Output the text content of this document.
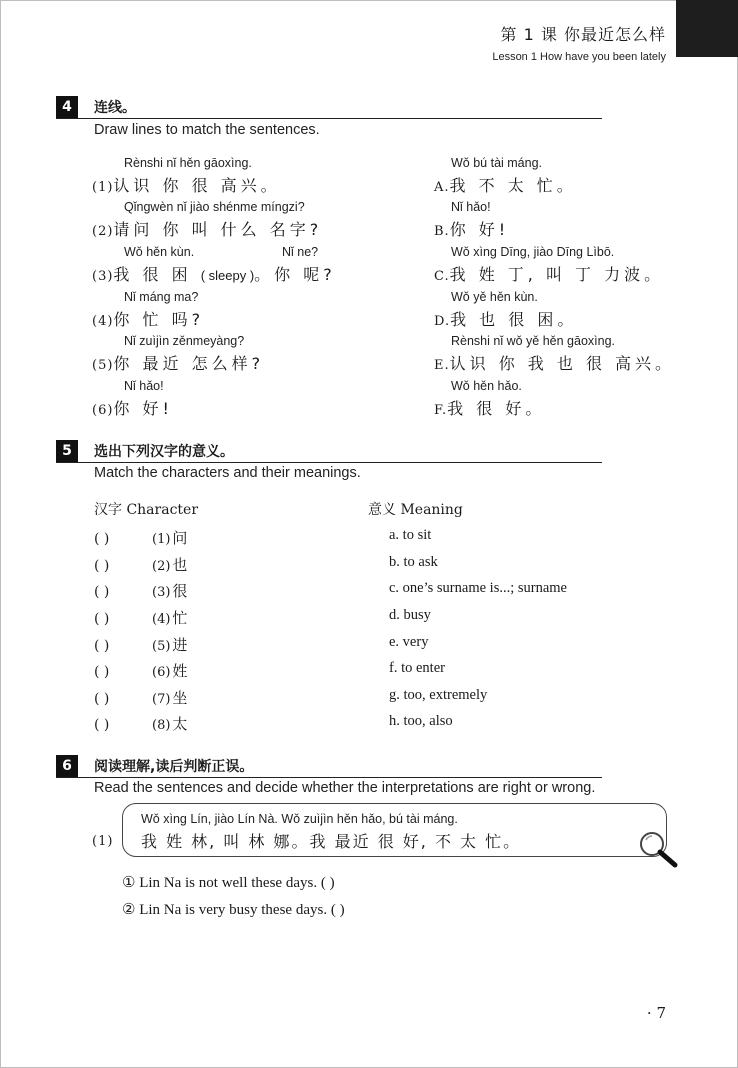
第 1 课 你最近怎么样
Lesson 1 How have you been lately
4	连线。
Draw lines to match the sentences.
Rènshi nǐ hěn gāoxìng.
(1)认识 你 很 高兴。
Qǐngwèn nǐ jiào shénme míngzi?
(2)请问 你 叫 什么 名字?
Wǒ hěn kùn.	Nǐ ne?
(3)我 很 困 ( sleepy )。你 呢?
Nǐ máng ma?
(4)你 忙 吗?
Nǐ zuìjìn zěnmeyàng?
(5)你 最近 怎么样?
Nǐ hǎo!
(6)你 好!
Wǒ bú tài máng.
A.我 不 太 忙。
Nǐ hǎo!
B.你 好!
Wǒ xìng Dīng, jiào Dīng Lìbō.
C.我 姓 丁, 叫 丁 力波。
Wǒ yě hěn kùn.
D.我 也 很 困。
Rènshi nǐ wǒ yě hěn gāoxìng.
E.认识 你 我 也 很 高兴。
Wǒ hěn hǎo.
F.我 很 好。
5	选出下列汉字的意义。
Match the characters and their meanings.
汉字 Character	意义 Meaning
( )	(1) 问	a. to sit
( )	(2) 也	b. to ask
( )	(3) 很	c. one’s surname is...; surname
( )	(4) 忙	d. busy
( )	(5) 进	e. very
( )	(6) 姓	f. to enter
( )	(7) 坐	g. too, extremely
( )	(8) 太	h. too, also
6	阅读理解,读后判断正误。
Read the sentences and decide whether the interpretations are right or wrong.
(1)
Wǒ xìng Lín, jiào Lín Nà. Wǒ zuìjìn hěn hǎo, bú tài máng.
我 姓 林, 叫 林 娜。我 最近 很 好, 不 太 忙。
① Lin Na is not well these days. ( )
② Lin Na is very busy these days. ( )
· 7
